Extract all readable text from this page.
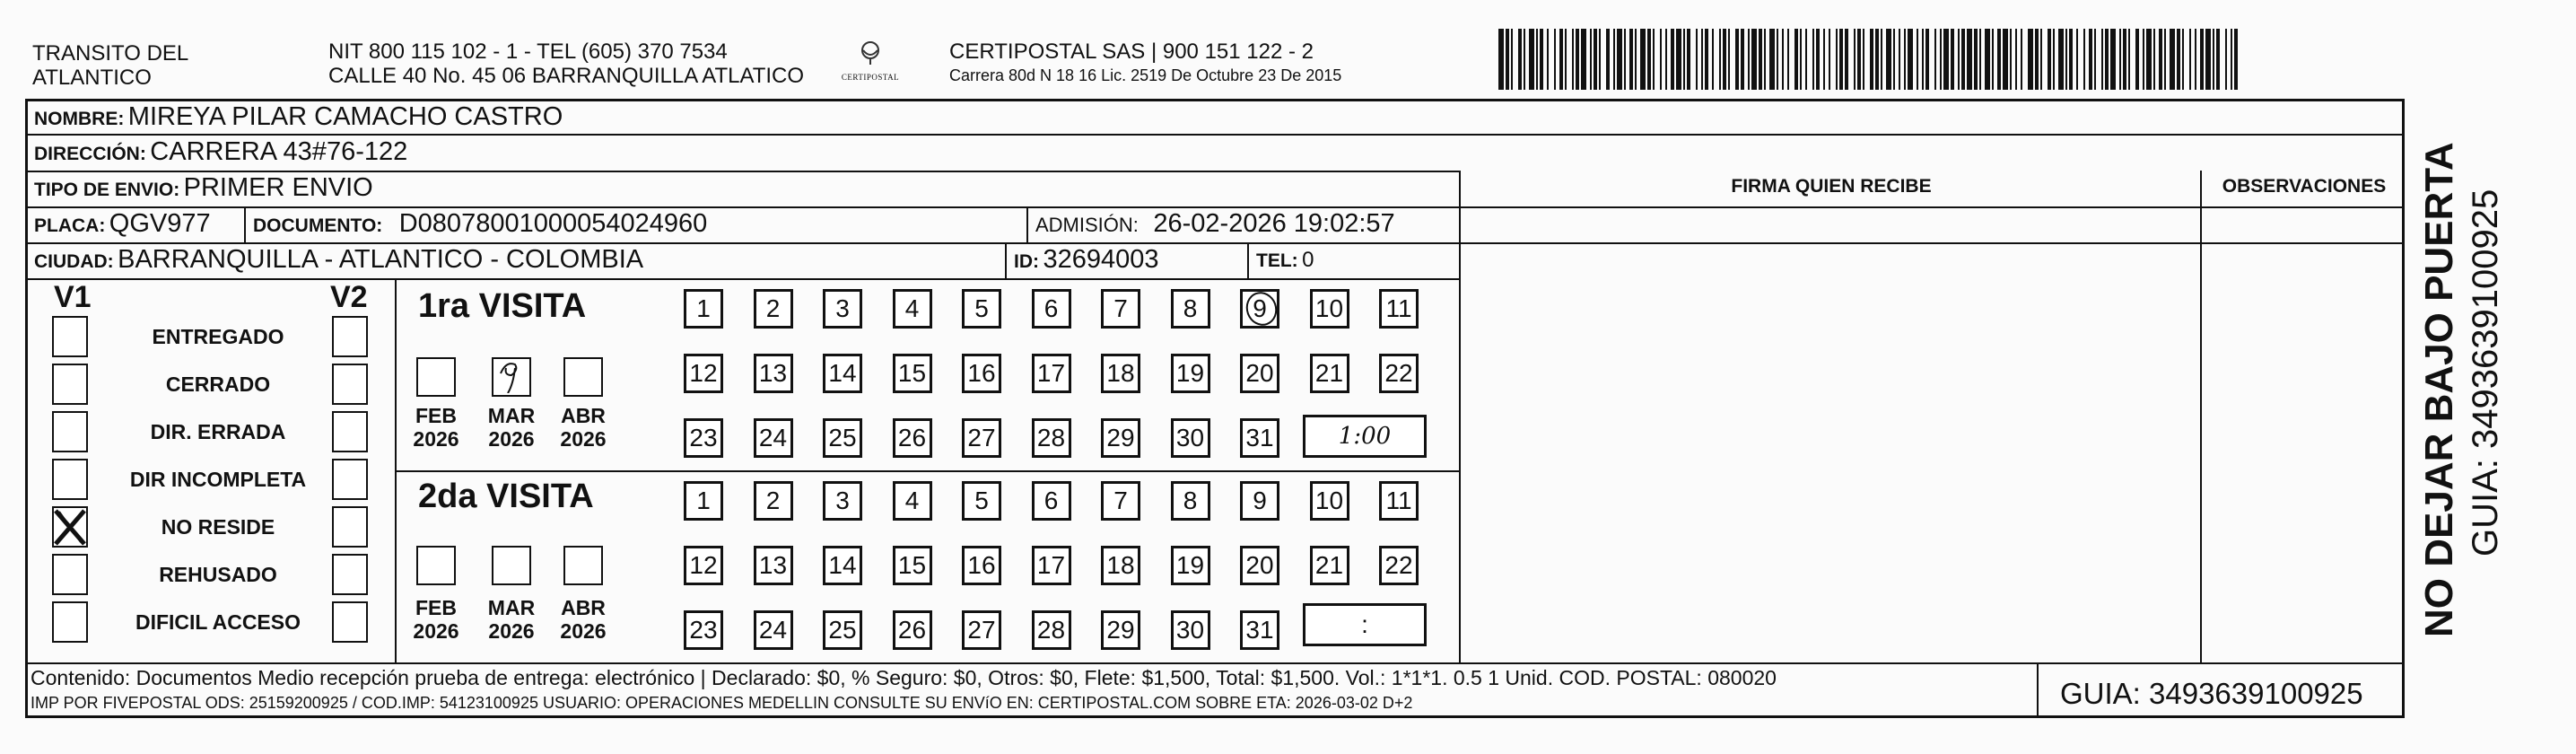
TRANSITO DEL
ATLANTICO
NIT 800 115 102 - 1 - TEL (605) 370 7534
CALLE 40 No. 45 06 BARRANQUILLA ATLATICO	CERTIPOSTAL
CERTIPOSTAL SAS | 900 151 122 - 2
Carrera 80d N 18 16 Lic. 2519 De Octubre 23 De 2015
NOMBRE: MIREYA PILAR CAMACHO CASTRO
DIRECCIÓN: CARRERA 43#76-122
TIPO DE ENVIO: PRIMER ENVIO	FIRMA QUIEN RECIBE	OBSERVACIONES
PLACA: QGV977 DOCUMENTO: D08078001000054024960	ADMISIÓN: 26-02-2026 19:02:57
CIUDAD: BARRANQUILLA - ATLANTICO - COLOMBIA	ID: 32694003	TEL: 0
V1	V2
ENTREGADO
CERRADO
DIR. ERRADA
DIR INCOMPLETA
NO RESIDE
REHUSADO
DIFICIL ACCESO
1ra VISITA
FEB
2026
MAR
2026
ABR
2026
1	2	3	4	5	6	7	8	9	10 11
12 13 14 15 16 17 18 19 20 21 22
23 24 25 26 27 28 29 30 31	1:00
2da VISITA
FEB
2026
MAR
2026
ABR
2026
1	2	3	4	5	6	7	8	9	10 11
12 13 14 15 16 17 18 19 20 21 22
23 24 25 26 27 28 29 30 31	:
Contenido: Documentos Medio recepción prueba de entrega: electrónico | Declarado: $0, % Seguro: $0, Otros: $0, Flete: $1,500, Total: $1,500. Vol.: 1*1*1. 0.5 1 Unid. COD. POSTAL: 080020
IMP POR FIVEPOSTAL ODS: 25159200925 / COD.IMP: 54123100925 USUARIO: OPERACIONES MEDELLIN CONSULTE SU ENVíO EN: CERTIPOSTAL.COM SOBRE ETA: 2026-03-02 D+2	GUIA: 3493639100925
NO DEJAR BAJO PUERTA GUIA: 3493639100925
